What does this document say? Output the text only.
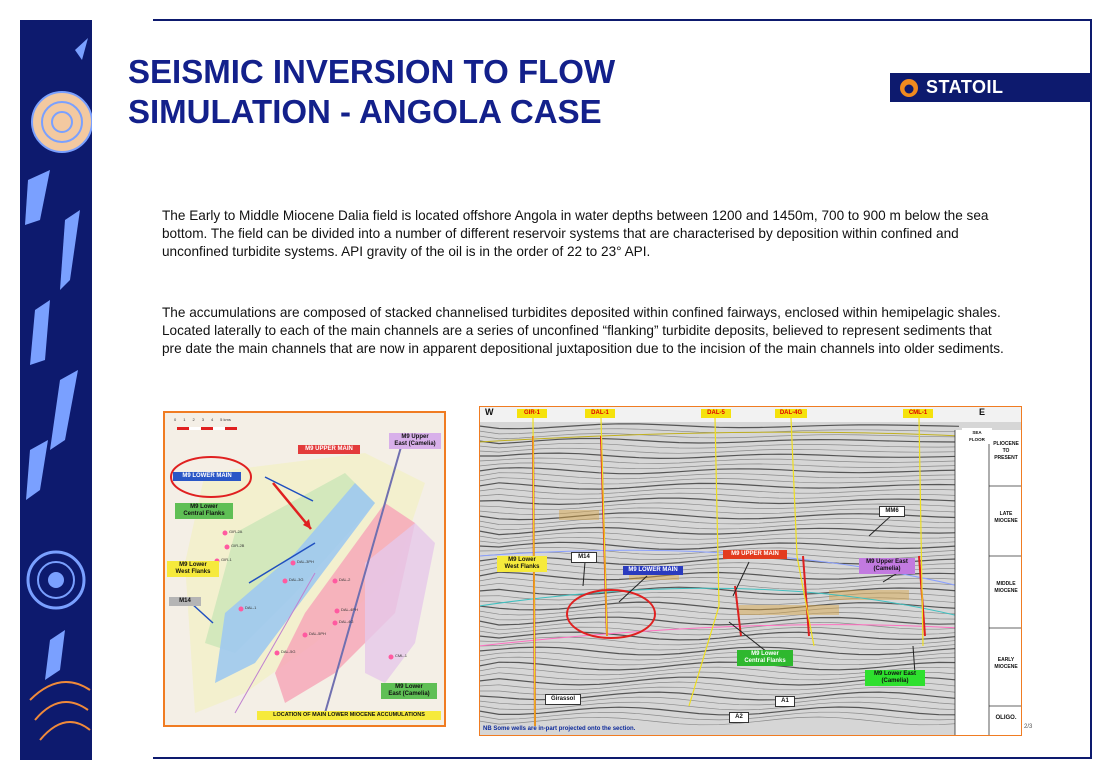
SEISMIC INVERSION TO FLOW
SIMULATION - ANGOLA CASE
STATOIL

The Early to Middle Miocene Dalia field is located offshore Angola in water depths between 1200 and 1450m, 700 to 900 m below the sea bottom. The field can be divided into a number of different reservoir systems that are characterised by deposition within confined and unconfined turbidite systems. API gravity of the oil is in the order of 22 to 23° API.

The accumulations are composed of stacked channelised turbidites deposited within confined fairways, enclosed within hemipelagic shales. Located laterally to each of the main channels are a series of unconfined “flanking” turbidite deposits, believed to represent sediments that pre date the main channels that are now in apparent depositional juxtaposition due to the incision of the main channels into older sediments.

0 1 2 3 4 5 kms
M9 LOWER MAIN
M9 UPPER MAIN
M9 Upper
East (Camelia)
M9 Lower
Central Flanks
M9 Lower
West Flanks
M14
M9 Lower
East (Camelia)
LOCATION OF MAIN LOWER MIOCENE ACCUMULATIONS
GIR-2A
GIR-2B
GIR-1	DAL-3PH
DAL-3G
DAL-1
DAL-2
DAL-4PH
DAL-4G
DAL-5PH
DAL-5G
CML-1
W	E
GIR-1	DAL-1	DAL-5	DAL-4G	CML-1
SEA FLOOR
PLIOCENE TO PRESENT
LATE MIOCENE
MIDDLE MIOCENE
EARLY MIOCENE
OLIGO.
M9 Lower
West Flanks
M14
M9 LOWER MAIN
M9 UPPER MAIN
M9 Upper East
(Camelia)
MM6
M9 Lower
Central Flanks
M9 Lower East
(Camelia)
Girassol	A1
A2
NB Some wells are in-part projected onto the section.	2/3
